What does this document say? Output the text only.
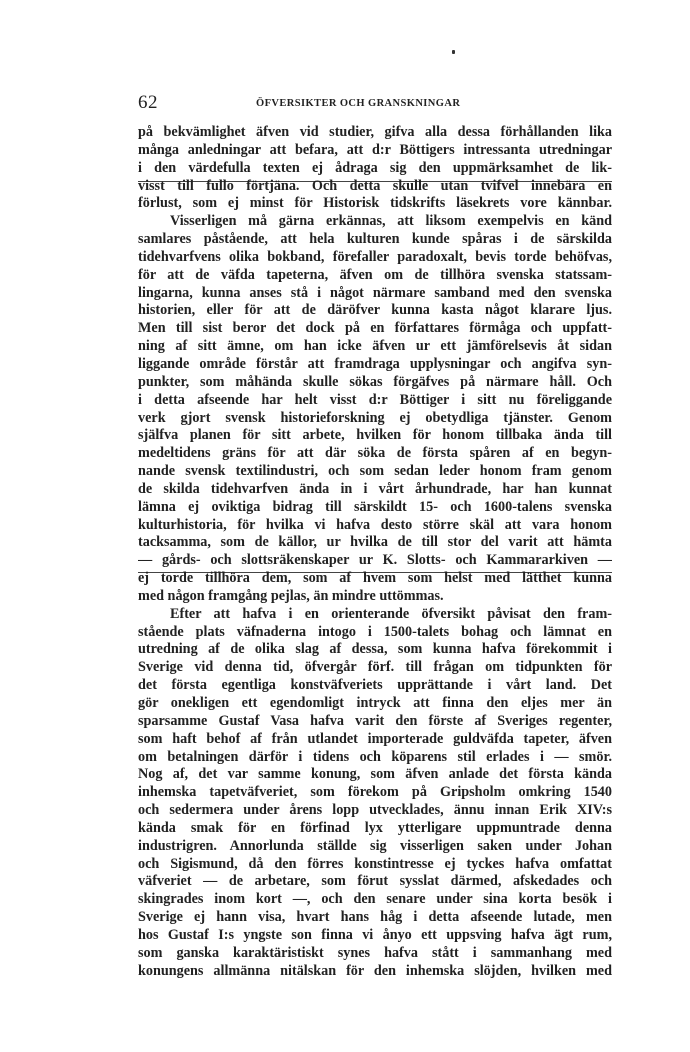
62	ÖFVERSIKTER OCH GRANSKNINGAR
på bekvämlighet äfven vid studier, gifva alla dessa förhållanden lika
många anledningar att befara, att d:r Böttigers intressanta utredningar
i den värdefulla texten ej ådraga sig den uppmärksamhet de lik-
visst till fullo förtjäna. Och detta skulle utan tvifvel innebära en
förlust, som ej minst för Historisk tidskrifts läsekrets vore kännbar.
Visserligen må gärna erkännas, att liksom exempelvis en känd
samlares påstående, att hela kulturen kunde spåras i de särskilda
tidehvarfvens olika bokband, förefaller paradoxalt, bevis torde behöfvas,
för att de väfda tapeterna, äfven om de tillhöra svenska statssam-
lingarna, kunna anses stå i något närmare samband med den svenska
historien, eller för att de däröfver kunna kasta något klarare ljus.
Men till sist beror det dock på en författares förmåga och uppfatt-
ning af sitt ämne, om han icke äfven ur ett jämförelsevis åt sidan
liggande område förstår att framdraga upplysningar och angifva syn-
punkter, som måhända skulle sökas förgäfves på närmare håll. Och
i detta afseende har helt visst d:r Böttiger i sitt nu föreliggande
verk gjort svensk historieforskning ej obetydliga tjänster. Genom
själfva planen för sitt arbete, hvilken för honom tillbaka ända till
medeltidens gräns för att där söka de första spåren af en begyn-
nande svensk textilindustri, och som sedan leder honom fram genom
de skilda tidehvarfven ända in i vårt århundrade, har han kunnat
lämna ej oviktiga bidrag till särskildt 15- och 1600-talens svenska
kulturhistoria, för hvilka vi hafva desto större skäl att vara honom
tacksamma, som de källor, ur hvilka de till stor del varit att hämta
— gårds- och slottsräkenskaper ur K. Slotts- och Kammararkiven —
ej torde tillhöra dem, som af hvem som helst med lätthet kunna
med någon framgång pejlas, än mindre uttömmas.
Efter att hafva i en orienterande öfversikt påvisat den fram-
stående plats väfnaderna intogo i 1500-talets bohag och lämnat en
utredning af de olika slag af dessa, som kunna hafva förekommit i
Sverige vid denna tid, öfvergår förf. till frågan om tidpunkten för
det första egentliga konstväfveriets upprättande i vårt land. Det
gör onekligen ett egendomligt intryck att finna den eljes mer än
sparsamme Gustaf Vasa hafva varit den förste af Sveriges regenter,
som haft behof af från utlandet importerade guldväfda tapeter, äfven
om betalningen därför i tidens och köparens stil erlades i — smör.
Nog af, det var samme konung, som äfven anlade det första kända
inhemska tapetväfveriet, som förekom på Gripsholm omkring 1540
och sedermera under årens lopp utvecklades, ännu innan Erik XIV:s
kända smak för en förfinad lyx ytterligare uppmuntrade denna
industrigren. Annorlunda ställde sig visserligen saken under Johan
och Sigismund, då den förres konstintresse ej tyckes hafva omfattat
väfveriet — de arbetare, som förut sysslat därmed, afskedades och
skingrades inom kort —, och den senare under sina korta besök i
Sverige ej hann visa, hvart hans håg i detta afseende lutade, men
hos Gustaf I:s yngste son finna vi ånyo ett uppsving hafva ägt rum,
som ganska karaktäristiskt synes hafva stått i sammanhang med
konungens allmänna nitälskan för den inhemska slöjden, hvilken med
